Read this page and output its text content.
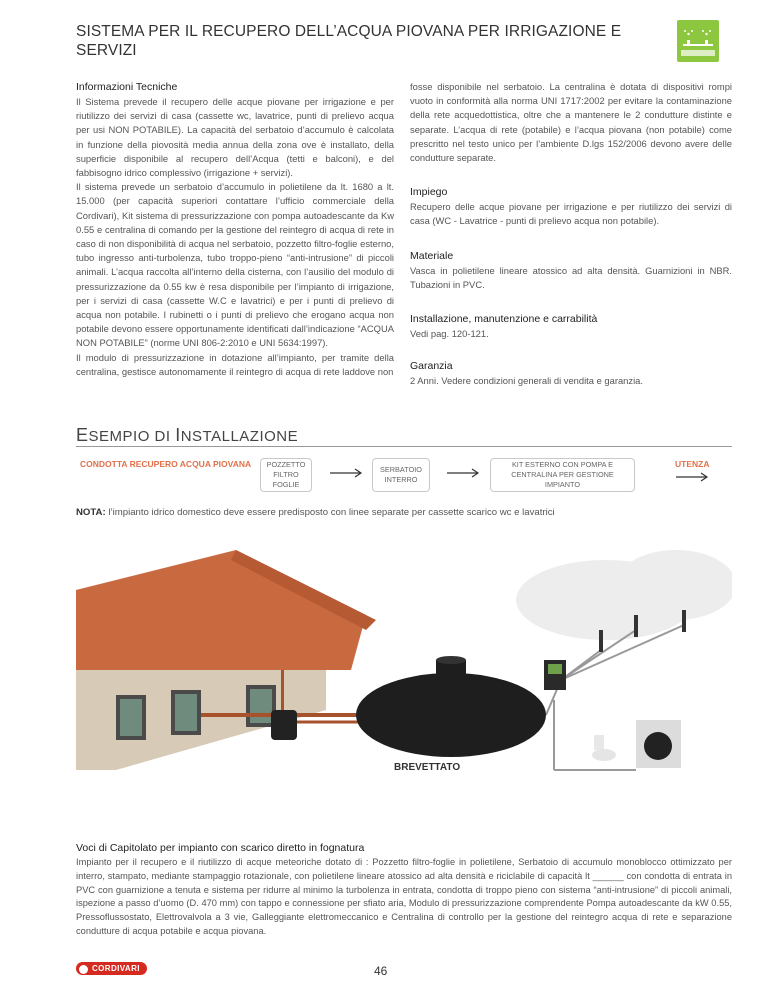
SISTEMA PER IL RECUPERO DELL’ACQUA PIOVANA PER IRRIGAZIONE E SERVIZI
Informazioni Tecniche

Il Sistema prevede il recupero delle acque piovane per irrigazione e per riutilizzo dei servizi di casa (cassette wc, lavatrice, punti di prelievo acqua per usi NON POTABILE). La capacità del serbatoio d’accumulo è calcolata in funzione della piovosità media annua della zona ove è installato, della superficie disponibile al recupero dell’Acqua (tetti e balconi), e del fabbisogno idrico complessivo (irrigazione + servizi).

Il sistema prevede un serbatoio d’accumulo in polietilene da lt. 1680 a lt. 15.000 (per capacità superiori contattare l’ufficio commerciale della Cordivari), Kit sistema di pressurizzazione con pompa autoadescante da Kw 0.55 e centralina di comando per la gestione del reintegro di acqua di rete in caso di non disponibilità di acqua nel serbatoio, pozzetto filtro-foglie esterno, tubo ingresso anti-turbolenza, tubo troppo-pieno “anti-intrusione” di piccoli animali. L’acqua raccolta all’interno della cisterna, con l’ausilio del modulo di pressurizzazione da 0.55 kw è resa disponibile per l’impianto di irrigazione, per i servizi di casa (cassette W.C e lavatrici) e per i punti di prelievo di acqua non potabile. I rubinetti o i punti di prelievo che erogano acqua non potabile devono essere opportunamente identificati dall’indicazione “ACQUA NON POTABILE” (norme UNI 806-2:2010 e UNI 5634:1997).

Il modulo di pressurizzazione in dotazione all’impianto, per tramite della centralina, gestisce autonomamente il reintegro di acqua di rete laddove non

fosse disponibile nel serbatoio. La centralina è dotata di dispositivi rompi vuoto in conformità alla norma UNI 1717:2002 per evitare la contaminazione della rete acquedottistica, oltre che a mantenere le 2 condutture distinte e separate. L’acqua di rete (potabile) e l’acqua piovana (non potabile) come prescritto nel testo unico per l’ambiente D.lgs 152/2006 devono avere delle condutture separate.

Impiego

Recupero delle acque piovane per irrigazione e per riutilizzo dei servizi di casa (WC - Lavatrice - punti di prelievo acqua non potabile).

Materiale

Vasca in polietilene lineare atossico ad alta densità. Guarnizioni in NBR. Tubazioni in PVC.

Installazione, manutenzione e carrabilità

Vedi pag. 120-121.

Garanzia

2 Anni. Vedere condizioni generali di vendita e garanzia.

ESEMPIO DI INSTALLAZIONE
CONDOTTA RECUPERO ACQUA PIOVANA	POZZETTO FILTRO FOGLIE
SERBATOIO INTERRO
KIT ESTERNO CON POMPA E CENTRALINA PER GESTIONE IMPIANTO
UTENZA
NOTA: l’impianto idrico domestico deve essere predisposto con linee separate per cassette scarico wc e lavatrici
BREVETTATO
Voci di Capitolato per impianto con scarico diretto in fognatura
Impianto per il recupero e il riutilizzo di acque meteoriche dotato di : Pozzetto filtro-foglie in polietilene, Serbatoio di accumulo monoblocco ottimizzato per interro, stampato, mediante stampaggio rotazionale, con polietilene lineare atossico ad alta densità e riciclabile di capacità lt ______ con condotta di entrata in PVC con guarnizione a tenuta e sistema per ridurre al minimo la turbolenza in entrata, condotta di troppo pieno con sistema “anti-intrusione” di piccoli animali, ispezione a passo d’uomo (D. 470 mm) con tappo e connessione per sfiato aria, Modulo di pressurizzazione comprendente Pompa autoadescante da kW 0.55, Pressoflussostato, Elettrovalvola a 3 vie, Galleggiante elettromeccanico e Centralina di controllo per la gestione del reintegro acqua di rete e separazione condutture di acqua potabile e acqua piovana.
CORDIVARI	46
